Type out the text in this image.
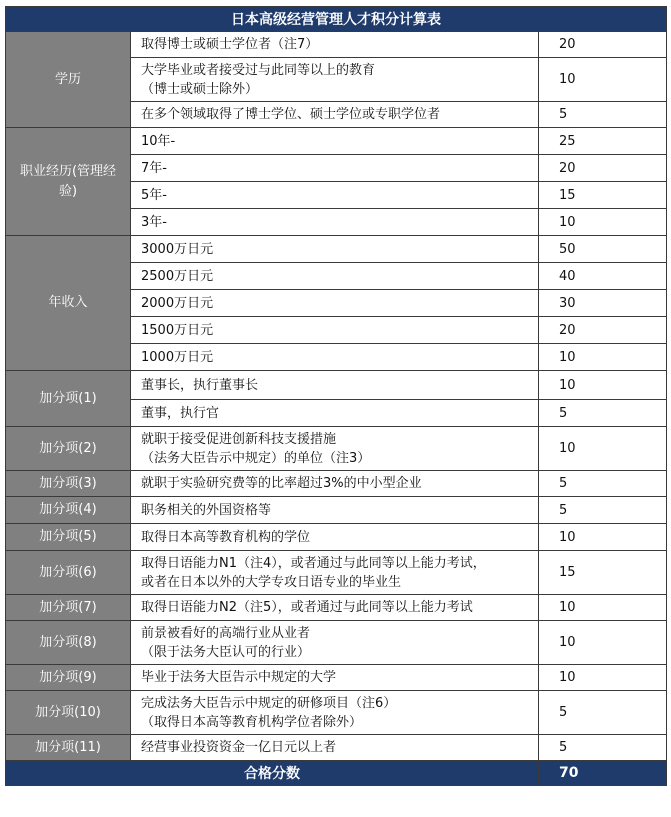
日本高级经营管理人才积分计算表		
学历	取得博士或硕士学位者（注7）	20

	大学毕业或者接受过与此同等以上的教育
（博士或硕士除外）	10

	在多个领域取得了博士学位、硕士学位或专职学位者	5
职业经历(管理经验)	10年-	25

	7年-	20

	5年-	15

	3年-	10
年收入	3000万日元	50

	2500万日元	40

	2000万日元	30

	1500万日元	20

	1000万日元	10
加分项(1)	董事长，执行董事长	10

	董事，执行官	5
加分项(2)	就职于接受促进创新科技支援措施
（法务大臣告示中规定）的单位（注3）	10
加分项(3)	就职于实验研究费等的比率超过3%的中小型企业	5
加分项(4)	职务相关的外国资格等	5
加分项(5)	取得日本高等教育机构的学位	10
加分项(6)	取得日语能力N1（注4），或者通过与此同等以上能力考试，
或者在日本以外的大学专攻日语专业的毕业生	15
加分项(7)	取得日语能力N2（注5），或者通过与此同等以上能力考试	10
加分项(8)	前景被看好的高端行业从业者
（限于法务大臣认可的行业）	10
加分项(9)	毕业于法务大臣告示中规定的大学	10
加分项(10)	完成法务大臣告示中规定的研修项目（注6）
（取得日本高等教育机构学位者除外）	5
加分项(11)	经营事业投资资金一亿日元以上者	5
合格分数		70
